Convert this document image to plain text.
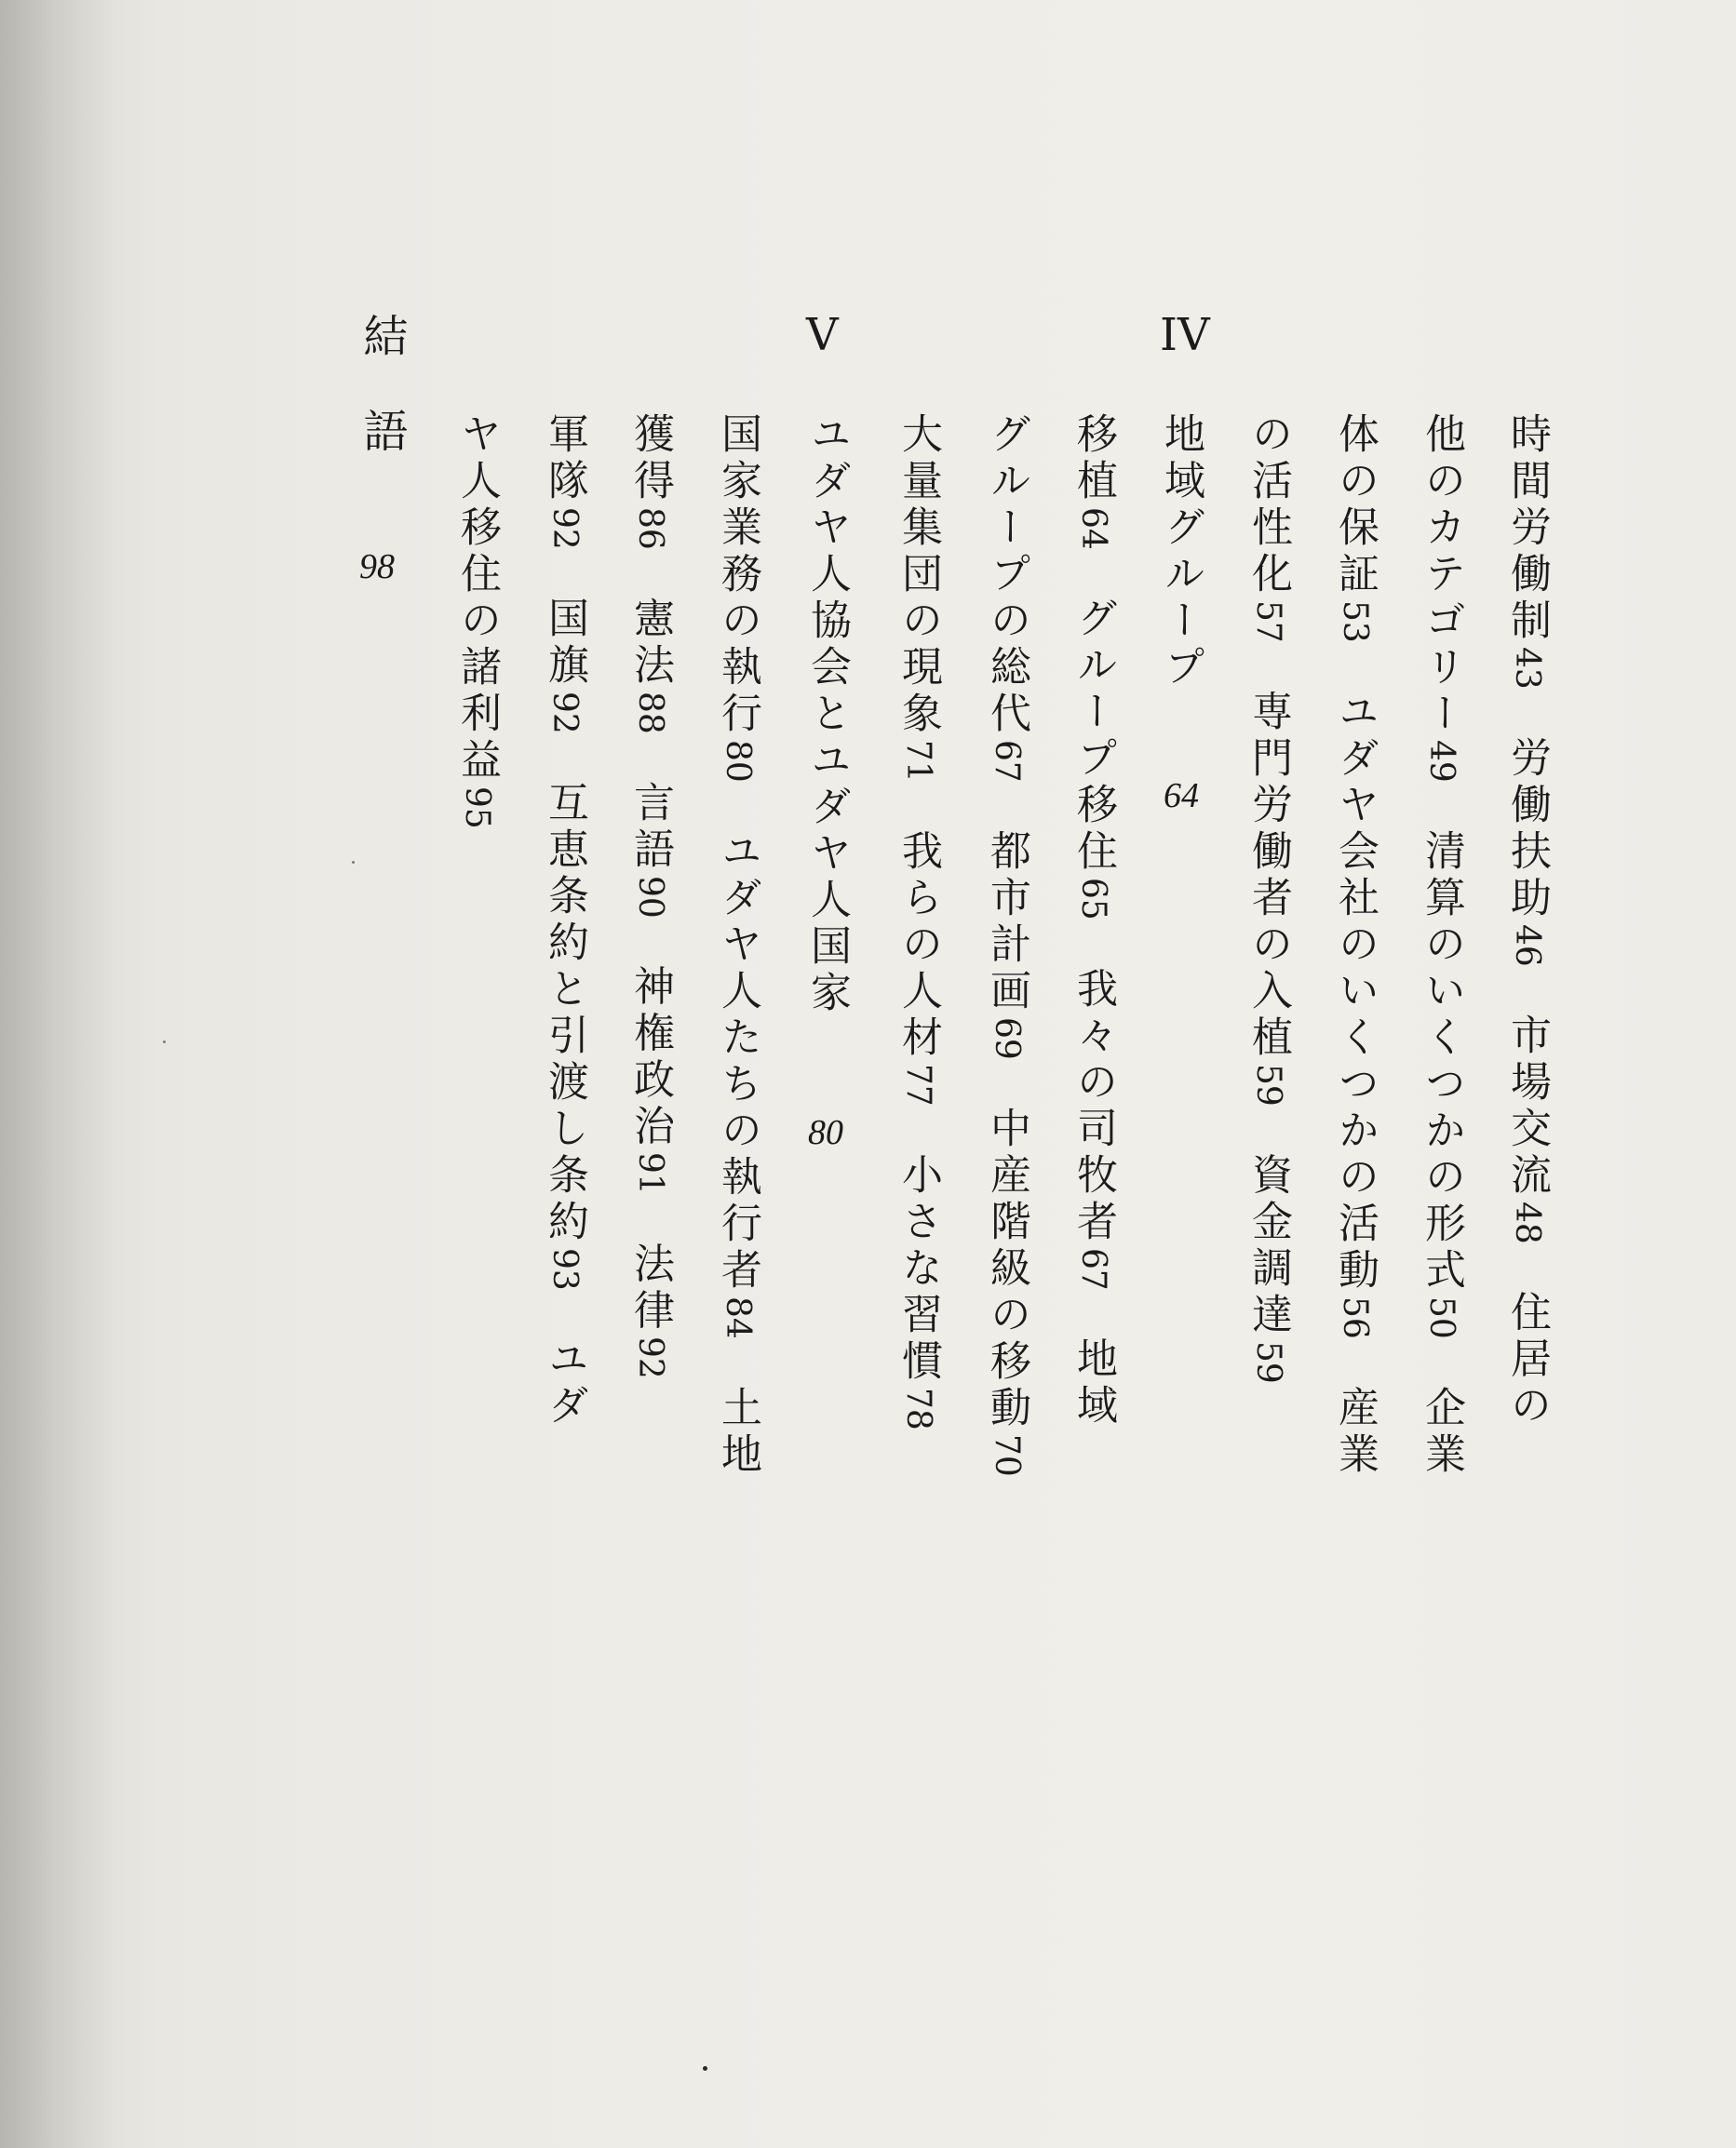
IV
V
時間労働制43　労働扶助46　市場交流48　住居の
他のカテゴリー49　清算のいくつかの形式50　企業
体の保証53　ユダヤ会社のいくつかの活動56　産業
の活性化57　専門労働者の入植59　資金調達59
地域グループ
移植64　グループ移住65　我々の司牧者67　地域
グループの総代67　都市計画69　中産階級の移動70
大量集団の現象71　我らの人材77　小さな習慣78
ユダヤ人協会とユダヤ人国家
国家業務の執行80　ユダヤ人たちの執行者84　土地
獲得86　憲法88　言語90　神権政治91　法律92
軍隊92　国旗92　互恵条約と引渡し条約93　ユダ
ヤ人移住の諸利益95
結　語
64
80
98
